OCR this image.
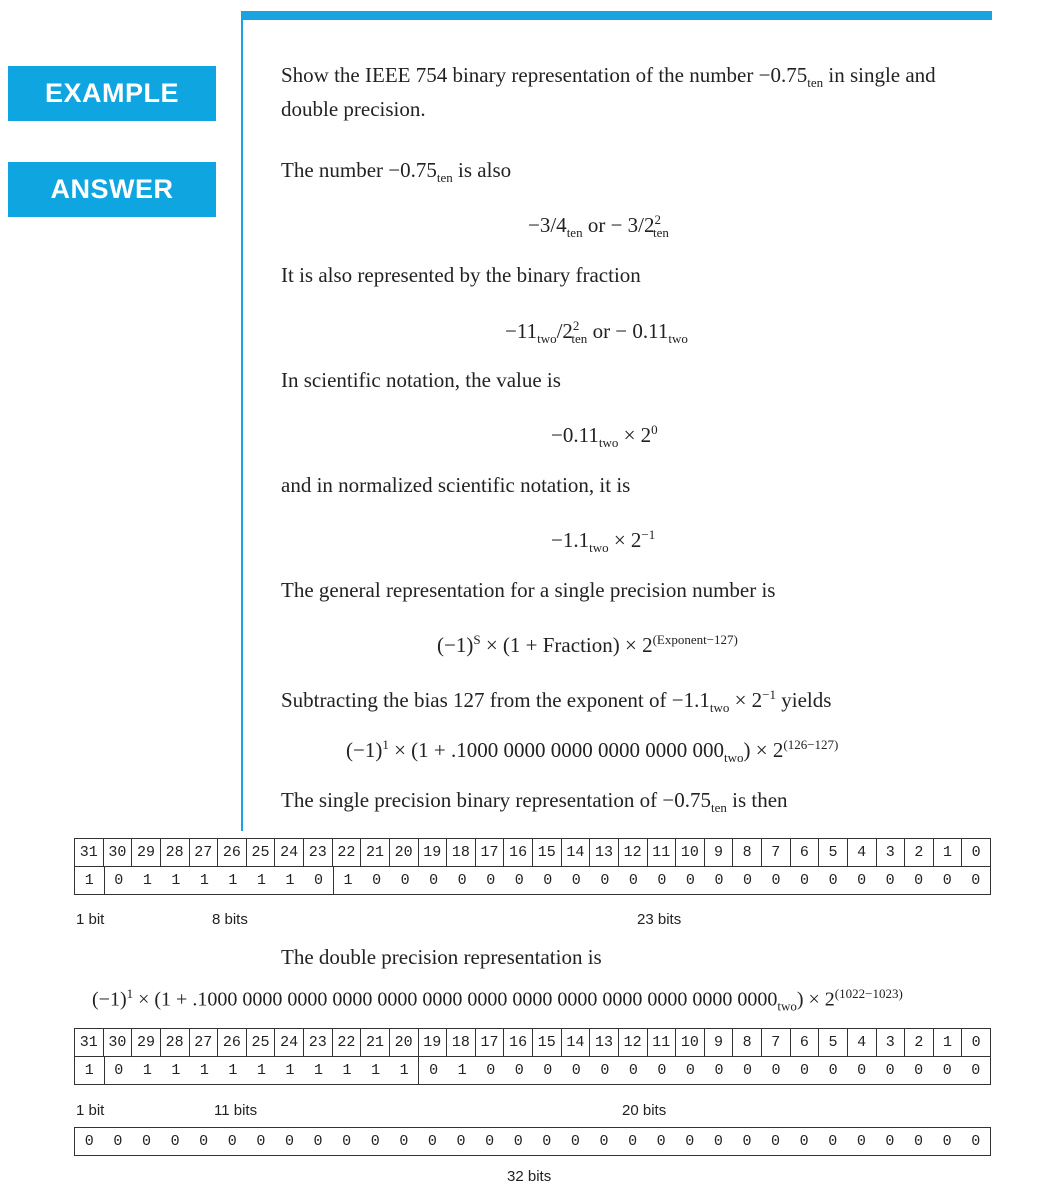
EXAMPLE
ANSWER
Show the IEEE 754 binary representation of the number $-0.75_{ten}$ in single and
double precision.
The number $-0.75_{ten}$ is also
$-3/4_{ten}$ or − $3/2^2_{ten}$
It is also represented by the binary fraction
$-11_{two}/2^2_{ten}$ or − $0.11_{two}$
In scientific notation, the value is
$-0.11_{two} \times 2^0$
and in normalized scientific notation, it is
$-1.1_{two} \times 2^{-1}$
The general representation for a single precision number is
$(-1)^S \times (1$ + Fraction) × $2^{(Exponent-127)}$
Subtracting the bias 127 from the exponent of $-1.1_{two} \times 2^{-1}$ yields
$(-1)^1 \times (1 + .1000$ 0000 0000 0000 0000 $000_{two}) \times 2^{(126-127)}$
The single precision binary representation of $-0.75_{ten}$ is then
31 30 29 28 27 26 25 24 23 22 21 20 19 18 17 16 15 14 13 12 11 10	9	8	7	6	5	4	3	2	1	0
1	0	1	1	1	1	1	1	0	1	0	0	0	0	0	0	0	0	0	0	0	0	0	0	0	0	0	0	0	0	0	0
1 bit	8 bits	23 bits
The double precision representation is
$(-1)^1 \times (1 + .1000$ 0000 0000 0000 0000 0000 0000 0000 0000 0000 0000 0000 $0000_{two}) \times 2^{(1022-1023)}$
31 30 29 28 27 26 25 24 23 22 21 20 19 18 17 16 15 14 13 12 11 10	9	8	7	6	5	4	3	2	1	0
1	0	1	1	1	1	1	1	1	1	1	1	0	1	0	0	0	0	0	0	0	0	0	0	0	0	0	0	0	0	0	0
1 bit	11 bits	20 bits
0	0	0	0	0	0	0	0	0	0	0	0	0	0	0	0	0	0	0	0	0	0	0	0	0	0	0	0	0	0	0	0
32 bits
